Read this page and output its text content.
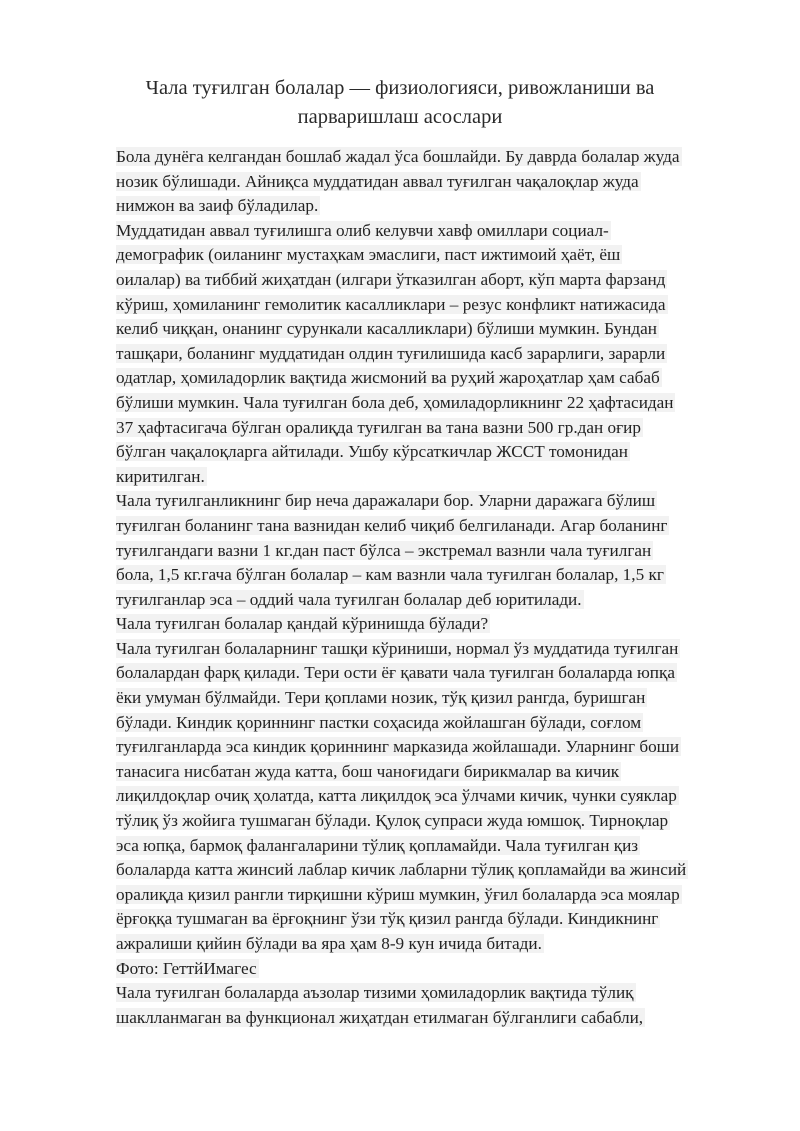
Чала туғилган болалар — физиологияси, ривожланиши ва
парваришлаш асослари
Бола дунёга келгандан бошлаб жадал ўса бошлайди. Бу даврда болалар жуда
нозик бўлишади. Айниқса муддатидан аввал туғилган чақалоқлар жуда
нимжон ва заиф бўладилар.
Муддатидан аввал туғилишга олиб келувчи хавф омиллари социал-
демографик (оиланинг мустаҳкам эмаслиги, паст ижтимоий ҳаёт, ёш
оилалар) ва тиббий жиҳатдан (илгари ўтказилган аборт, кўп марта фарзанд
кўриш, ҳомиланинг гемолитик касалликлари – резус конфликт натижасида
келиб чиққан, онанинг сурункали касалликлари) бўлиши мумкин. Бундан
ташқари, боланинг муддатидан олдин туғилишида касб зарарлиги, зарарли
одатлар, ҳомиладорлик вақтида жисмоний ва руҳий жароҳатлар ҳам сабаб
бўлиши мумкин. Чала туғилган бола деб, ҳомиладорликнинг 22 ҳафтасидан
37 ҳафтасигача бўлган оралиқда туғилган ва тана вазни 500 гр.дан оғир
бўлган чақалоқларга айтилади. Ушбу кўрсаткичлар ЖССТ томонидан
киритилган.
Чала туғилганликнинг бир неча даражалари бор. Уларни даражага бўлиш
туғилган боланинг тана вазнидан келиб чиқиб белгиланади. Агар боланинг
туғилгандаги вазни 1 кг.дан паст бўлса – экстремал вазнли чала туғилган
бола, 1,5 кг.гача бўлган болалар – кам вазнли чала туғилган болалар, 1,5 кг
туғилганлар эса – оддий чала туғилган болалар деб юритилади.
Чала туғилган болалар қандай кўринишда бўлади?
Чала туғилган болаларнинг ташқи кўриниши, нормал ўз муддатида туғилган
болалардан фарқ қилади. Тери ости ёғ қавати чала туғилган болаларда юпқа
ёки умуман бўлмайди. Тери қоплами нозик, тўқ қизил рангда, буришган
бўлади. Киндик қориннинг пастки соҳасида жойлашган бўлади, соғлом
туғилганларда эса киндик қориннинг марказида жойлашади. Уларнинг боши
танасига нисбатан жуда катта, бош чаноғидаги бирикмалар ва кичик
лиқилдоқлар очиқ ҳолатда, катта лиқилдоқ эса ўлчами кичик, чунки суяклар
тўлиқ ўз жойига тушмаган бўлади. Қулоқ супраси жуда юмшоқ. Тирноқлар
эса юпқа, бармоқ фалангаларини тўлиқ қопламайди. Чала туғилган қиз
болаларда катта жинсий лаблар кичик лабларни тўлиқ қопламайди ва жинсий
оралиқда қизил рангли тирқишни кўриш мумкин, ўғил болаларда эса моялар
ёрғоққа тушмаган ва ёрғоқнинг ўзи тўқ қизил рангда бўлади. Киндикнинг
ажралиши қийин бўлади ва яра ҳам 8-9 кун ичида битади.
Фото: ГеттйИмагес
Чала туғилган болаларда аъзолар тизими ҳомиладорлик вақтида тўлиқ
шаклланмаган ва функционал жиҳатдан етилмаган бўлганлиги сабабли,
